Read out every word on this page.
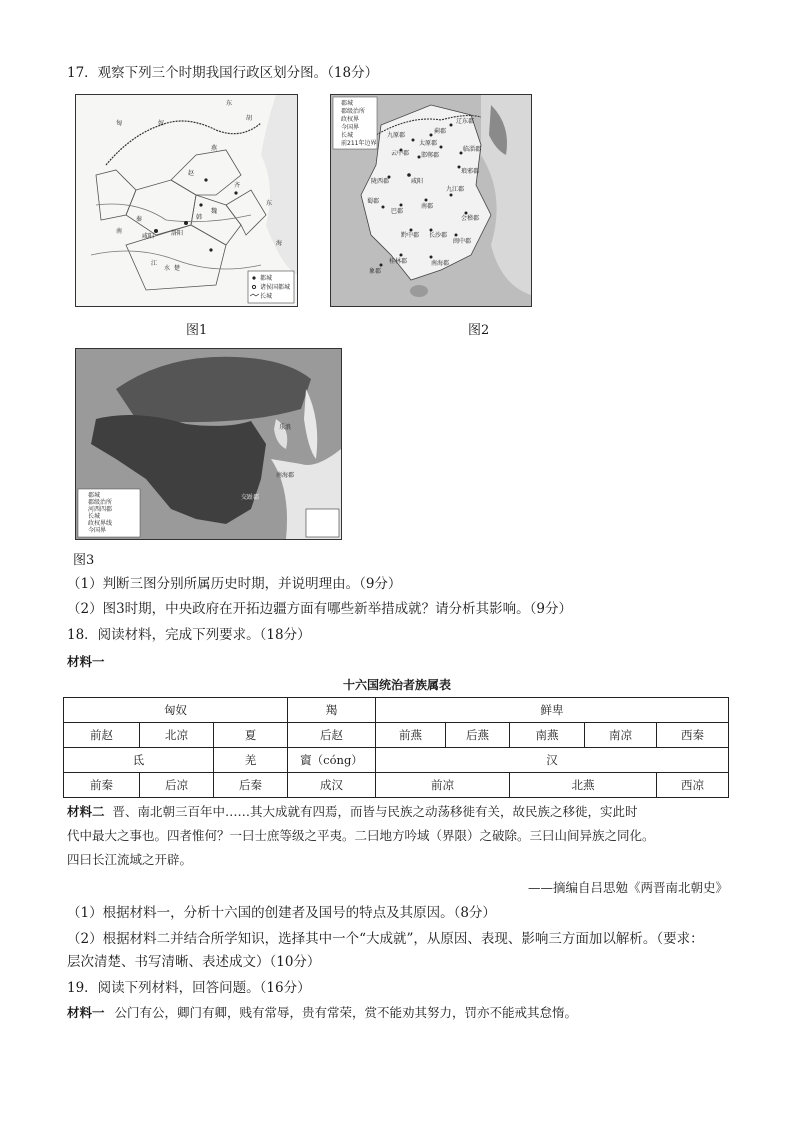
17．观察下列三个时期我国行政区划分图。（18分）
匈	奴
东
胡
燕
赵
齐
秦
咸阳	洛阳
韩
魏
楚
南
东
江
水
海
都城
诸侯国都城
长城
图1
辽东郡
蓟郡
邯郸郡
临淄郡
琅邪郡
九原郡
云中郡
太原郡
咸阳
陇西郡
巴郡
蜀郡
南郡
九江郡
会稽郡
长沙郡
黔中郡
闽中郡
桂林郡
象郡
南海郡
郡城
郡级治所
政权界
今国界
长城
前211年边界
图2
南海郡
交趾郡
乐浪
郡城
郡级治所
河西四郡
长城
政权界线
今国界
图3
（1）判断三图分别所属历史时期，并说明理由。（9分）
（2）图3时期，中央政府在开拓边疆方面有哪些新举措成就？请分析其影响。（9分）
18．阅读材料，完成下列要求。（18分）
材料一
十六国统治者族属表
匈奴			羯	鲜卑				
前赵	北凉	夏	后赵	前燕	后燕	南燕	南凉	西秦
氐		羌	賨（cóng）	汉				
前秦	后凉	后秦	成汉	前凉		北燕		西凉
材料二 晋、南北朝三百年中……其大成就有四焉，而皆与民族之动荡移徙有关，故民族之移徙，实此时
代中最大之事也。四者惟何？一曰士庶等级之平夷。二曰地方吟域（界限）之破除。三曰山间异族之同化。
四曰长江流域之开辟。
——摘编自吕思勉《两晋南北朝史》
（1）根据材料一，分析十六国的创建者及国号的特点及其原因。（8分）
（2）根据材料二并结合所学知识，选择其中一个“大成就”，从原因、表现、影响三方面加以解析。（要求：
层次清楚、书写清晰、表述成文）（10分）
19．阅读下列材料，回答问题。（16分）
材料一 公门有公，卿门有卿，贱有常辱，贵有常荣，赏不能劝其努力，罚亦不能戒其怠惰。
